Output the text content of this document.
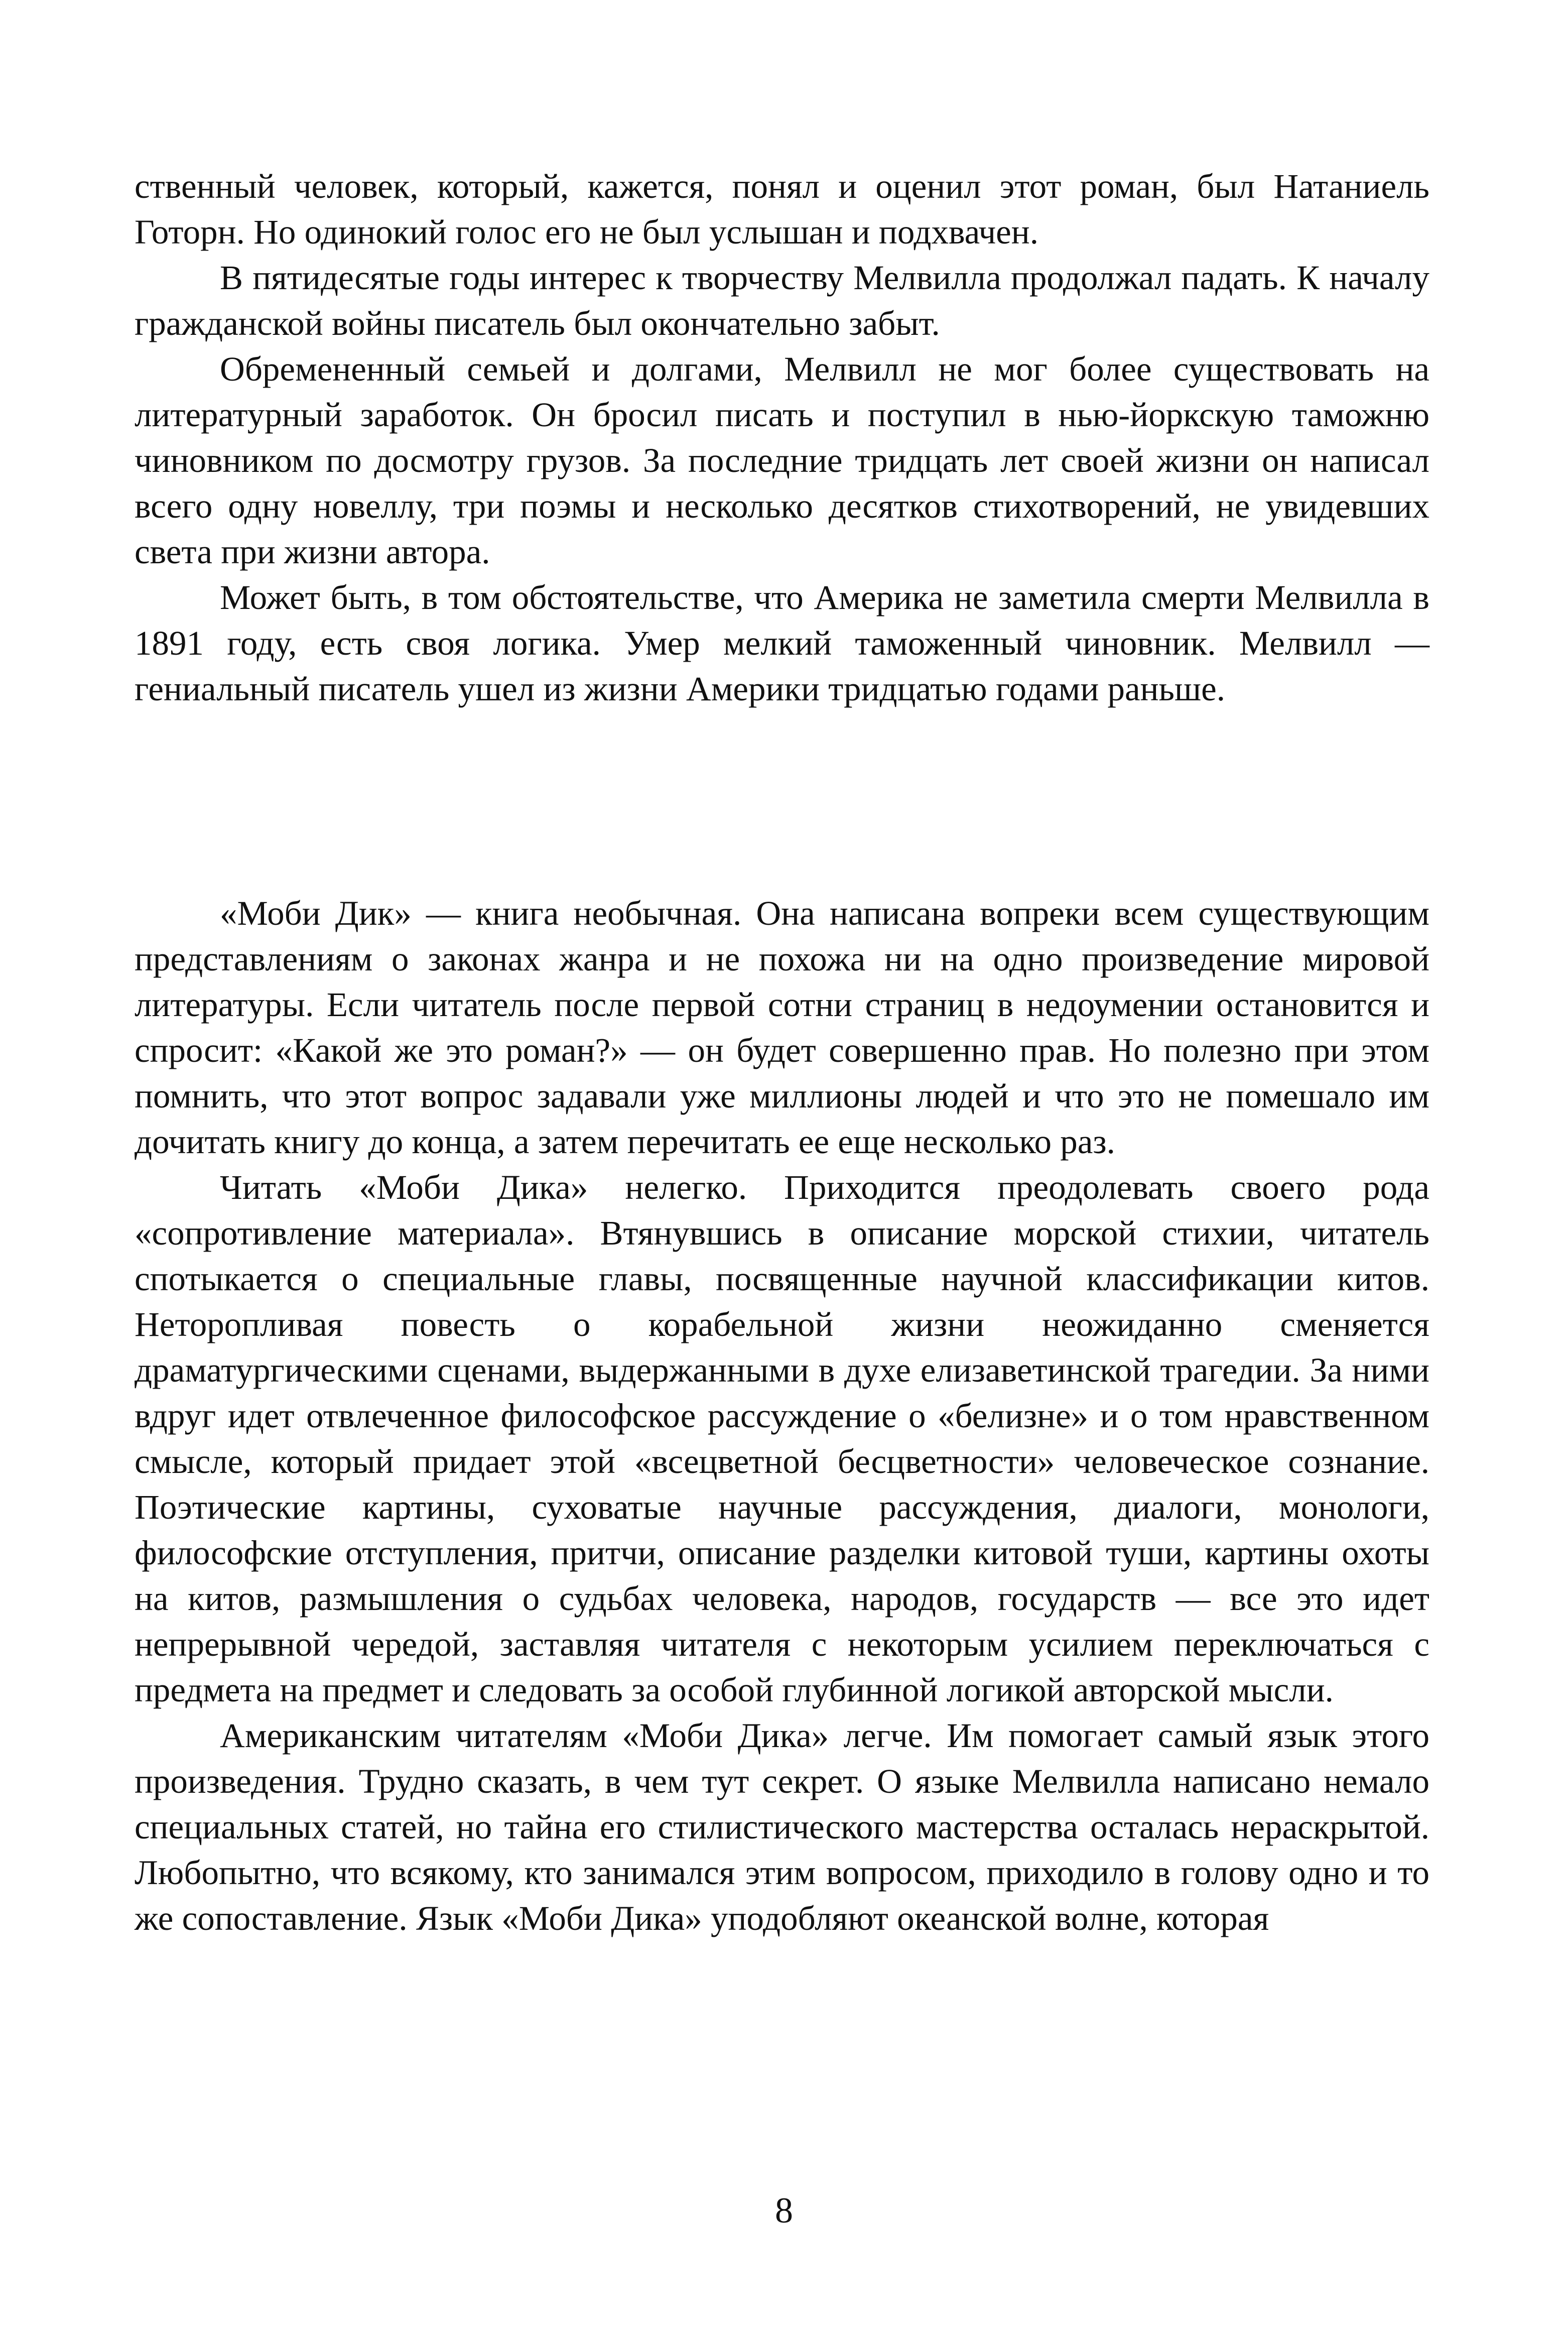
ственный человек, который, кажется, понял и оценил этот роман, был Натаниель Готорн. Но одинокий голос его не был услышан и подхвачен.

В пятидесятые годы интерес к творчеству Мелвилла продолжал падать. К началу гражданской войны писатель был окончательно забыт.

Обремененный семьей и долгами, Мелвилл не мог более существовать на литературный заработок. Он бросил писать и поступил в нью-йоркскую таможню чиновником по досмотру грузов. За последние тридцать лет своей жизни он написал всего одну новеллу, три поэмы и несколько десятков стихотворений, не увидевших света при жизни автора.

Может быть, в том обстоятельстве, что Америка не заметила смерти Мелвилла в 1891 году, есть своя логика. Умер мелкий таможенный чиновник. Мелвилл — гениальный писатель ушел из жизни Америки тридцатью годами раньше.

«Моби Дик» — книга необычная. Она написана вопреки всем существующим представлениям о законах жанра и не похожа ни на одно произведение мировой литературы. Если читатель после первой сотни страниц в недоумении остановится и спросит: «Какой же это роман?» — он будет совершенно прав. Но полезно при этом помнить, что этот вопрос задавали уже миллионы людей и что это не помешало им дочитать книгу до конца, а затем перечитать ее еще несколько раз.

Читать «Моби Дика» нелегко. Приходится преодолевать своего рода «сопротивление материала». Втянувшись в описание морской стихии, читатель спотыкается о специальные главы, посвященные научной классификации китов. Неторопливая повесть о корабельной жизни неожиданно сменяется драматургическими сценами, выдержанными в духе елизаветинской трагедии. За ними вдруг идет отвлеченное философское рассуждение о «белизне» и о том нравственном смысле, который придает этой «всецветной бесцветности» человеческое сознание. Поэтические картины, суховатые научные рассуждения, диалоги, монологи, философские отступления, притчи, описание разделки китовой туши, картины охоты на китов, размышления о судьбах человека, народов, государств — все это идет непрерывной чередой, заставляя читателя с некоторым усилием переключаться с предмета на предмет и следовать за особой глубинной логикой авторской мысли.

Американским читателям «Моби Дика» легче. Им помогает самый язык этого произведения. Трудно сказать, в чем тут секрет. О языке Мелвилла написано немало специальных статей, но тайна его стилистического мастерства осталась нераскрытой. Любопытно, что всякому, кто занимался этим вопросом, приходило в голову одно и то же сопоставление. Язык «Моби Дика» уподобляют океанской волне, которая

8
